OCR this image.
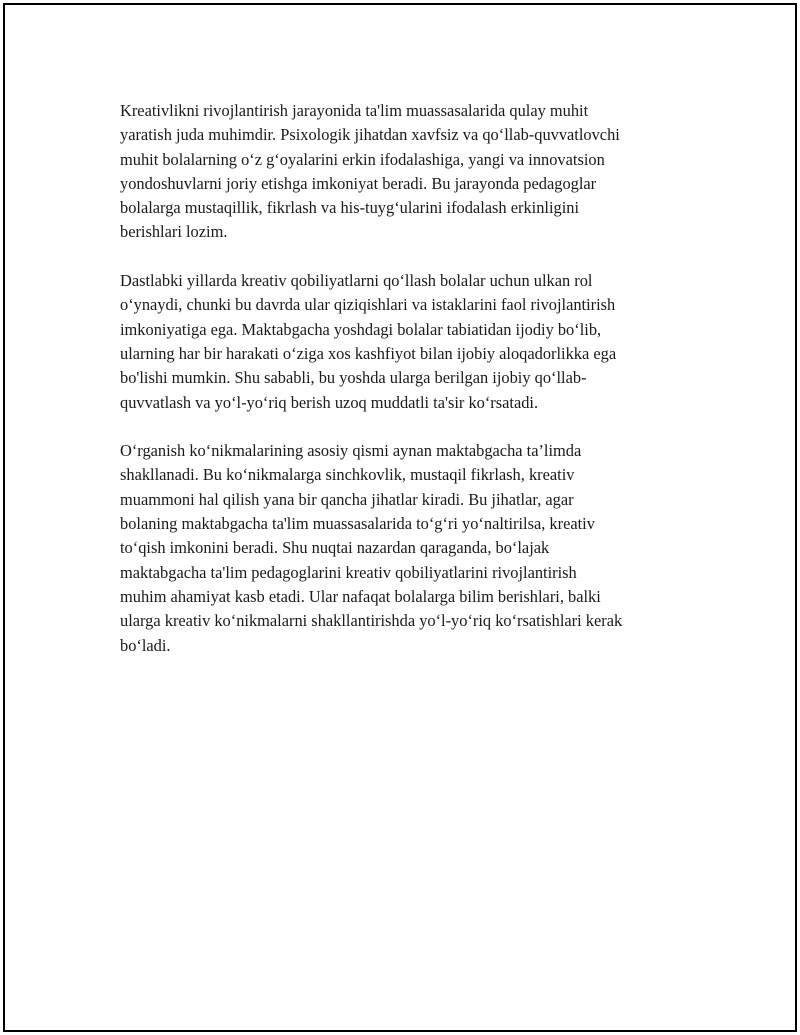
Kreativlikni rivojlantirish jarayonida ta'lim muassasalarida qulay muhit
yaratish juda muhimdir. Psixologik jihatdan xavfsiz va qo‘llab-quvvatlovchi
muhit bolalarning o‘z g‘oyalarini erkin ifodalashiga, yangi va innovatsion
yondoshuvlarni joriy etishga imkoniyat beradi. Bu jarayonda pedagoglar
bolalarga mustaqillik, fikrlash va his-tuyg‘ularini ifodalash erkinligini
berishlari lozim.

Dastlabki yillarda kreativ qobiliyatlarni qo‘llash bolalar uchun ulkan rol
o‘ynaydi, chunki bu davrda ular qiziqishlari va istaklarini faol rivojlantirish
imkoniyatiga ega. Maktabgacha yoshdagi bolalar tabiatidan ijodiy bo‘lib,
ularning har bir harakati o‘ziga xos kashfiyot bilan ijobiy aloqadorlikka ega
bo'lishi mumkin. Shu sababli, bu yoshda ularga berilgan ijobiy qo‘llab-
quvvatlash va yo‘l-yo‘riq berish uzoq muddatli ta'sir ko‘rsatadi.

O‘rganish ko‘nikmalarining asosiy qismi aynan maktabgacha ta’limda
shakllanadi. Bu ko‘nikmalarga sinchkovlik, mustaqil fikrlash, kreativ
muammoni hal qilish yana bir qancha jihatlar kiradi. Bu jihatlar, agar
bolaning maktabgacha ta'lim muassasalarida to‘g‘ri yo‘naltirilsa, kreativ
to‘qish imkonini beradi. Shu nuqtai nazardan qaraganda, bo‘lajak
maktabgacha ta'lim pedagoglarini kreativ qobiliyatlarini rivojlantirish
muhim ahamiyat kasb etadi. Ular nafaqat bolalarga bilim berishlari, balki
ularga kreativ ko‘nikmalarni shakllantirishda yo‘l-yo‘riq ko‘rsatishlari kerak
bo‘ladi.
